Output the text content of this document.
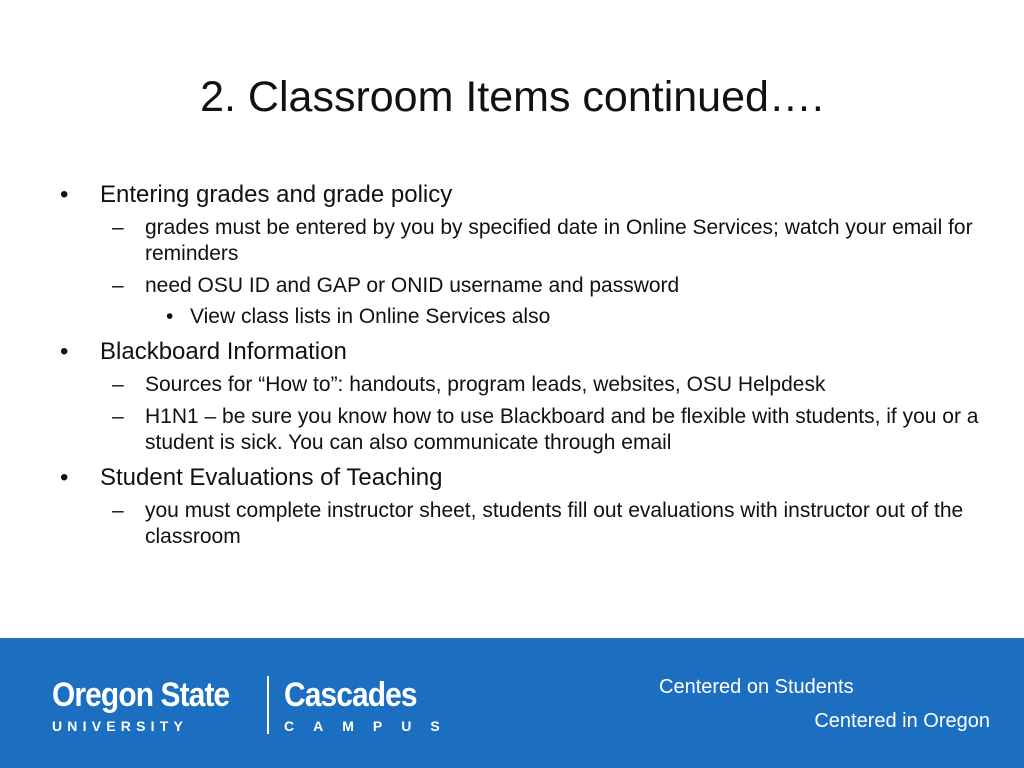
2. Classroom Items continued….
• Entering grades and grade policy
– grades must be entered by you by specified date in Online Services; watch your email for reminders
– need OSU ID and GAP or ONID username and password
• View class lists in Online Services also
• Blackboard Information
– Sources for “How to”: handouts, program leads, websites, OSU Helpdesk
– H1N1 – be sure you know how to use Blackboard and be flexible with students, if you or a student is sick. You can also communicate through email
• Student Evaluations of Teaching
– you must complete instructor sheet, students fill out evaluations with instructor out of the classroom
Oregon State
UNIVERSITY
Cascades
CAMPUS
Centered on Students
Centered in Oregon
